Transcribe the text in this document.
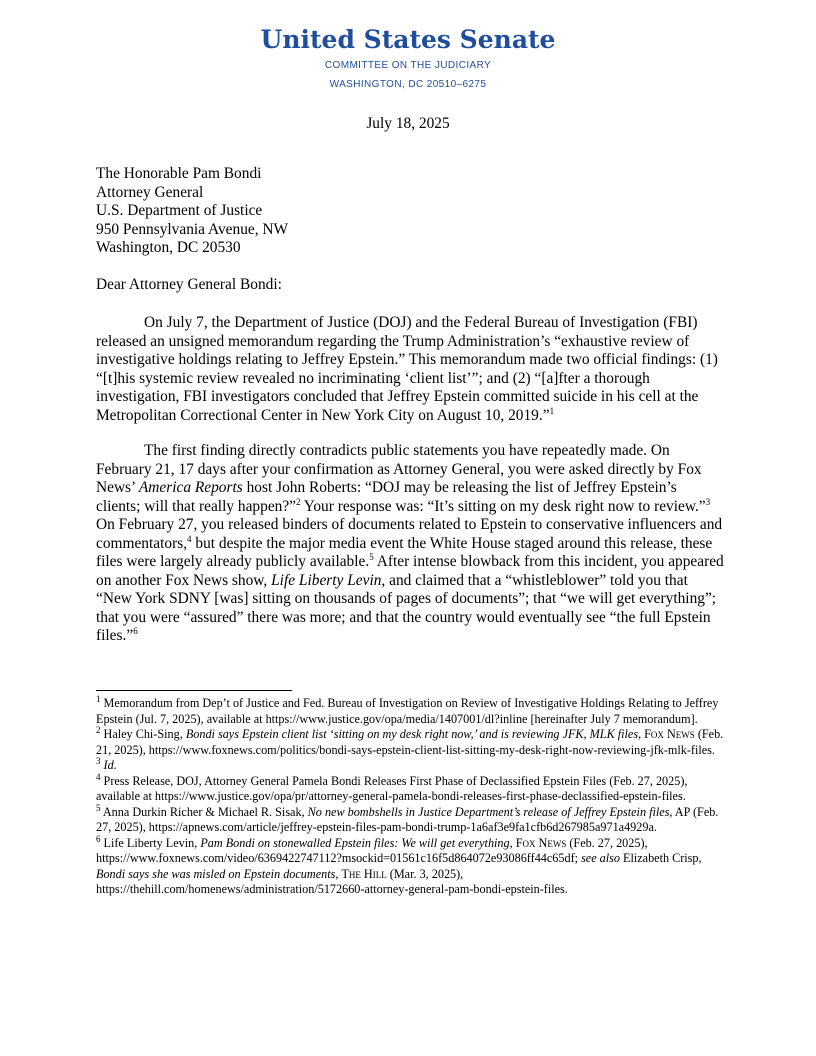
United States Senate
COMMITTEE ON THE JUDICIARY
WASHINGTON, DC 20510–6275
July 18, 2025
The Honorable Pam Bondi
Attorney General
U.S. Department of Justice
950 Pennsylvania Avenue, NW
Washington, DC 20530
Dear Attorney General Bondi:
On July 7, the Department of Justice (DOJ) and the Federal Bureau of Investigation (FBI) released an unsigned memorandum regarding the Trump Administration’s “exhaustive review of investigative holdings relating to Jeffrey Epstein.” This memorandum made two official findings: (1) “[t]his systemic review revealed no incriminating ‘client list’”; and (2) “[a]fter a thorough investigation, FBI investigators concluded that Jeffrey Epstein committed suicide in his cell at the Metropolitan Correctional Center in New York City on August 10, 2019.”$^1$
The first finding directly contradicts public statements you have repeatedly made. On February 21, 17 days after your confirmation as Attorney General, you were asked directly by Fox News’ America Reports host John Roberts: “DOJ may be releasing the list of Jeffrey Epstein’s clients; will that really happen?”$^2$ Your response was: “It’s sitting on my desk right now to review.”$^3$ On February 27, you released binders of documents related to Epstein to conservative influencers and commentators,$^4$ but despite the major media event the White House staged around this release, these files were largely already publicly available.$^5$ After intense blowback from this incident, you appeared on another Fox News show, Life Liberty Levin, and claimed that a “whistleblower” told you that “New York SDNY [was] sitting on thousands of pages of documents”; that “we will get everything”; that you were “assured” there was more; and that the country would eventually see “the full Epstein files.”$^6$

$^1$ Memorandum from Dep’t of Justice and Fed. Bureau of Investigation on Review of Investigative Holdings Relating to Jeffrey Epstein (Jul. 7, 2025), available at https://www.justice.gov/opa/media/1407001/dl?inline [hereinafter July 7 memorandum].

$^2$ Haley Chi-Sing, Bondi says Epstein client list ‘sitting on my desk right now,’ and is reviewing JFK, MLK files, Fox News (Feb. 21, 2025), https://www.foxnews.com/politics/bondi-says-epstein-client-list-sitting-my-desk-right-now-reviewing-jfk-mlk-files.

$^3$ Id.

$^4$ Press Release, DOJ, Attorney General Pamela Bondi Releases First Phase of Declassified Epstein Files (Feb. 27, 2025), available at https://www.justice.gov/opa/pr/attorney-general-pamela-bondi-releases-first-phase-declassified-epstein-files.

$^5$ Anna Durkin Richer & Michael R. Sisak, No new bombshells in Justice Department’s release of Jeffrey Epstein files, AP (Feb. 27, 2025), https://apnews.com/article/jeffrey-epstein-files-pam-bondi-trump-1a6af3e9fa1cfb6d267985a971a4929a.

$^6$ Life Liberty Levin, Pam Bondi on stonewalled Epstein files: We will get everything, Fox News (Feb. 27, 2025), https://www.foxnews.com/video/6369422747112?msockid=01561c16f5d864072e93086ff44c65df; see also Elizabeth Crisp, Bondi says she was misled on Epstein documents, The Hill (Mar. 3, 2025), https://thehill.com/homenews/administration/5172660-attorney-general-pam-bondi-epstein-files.
